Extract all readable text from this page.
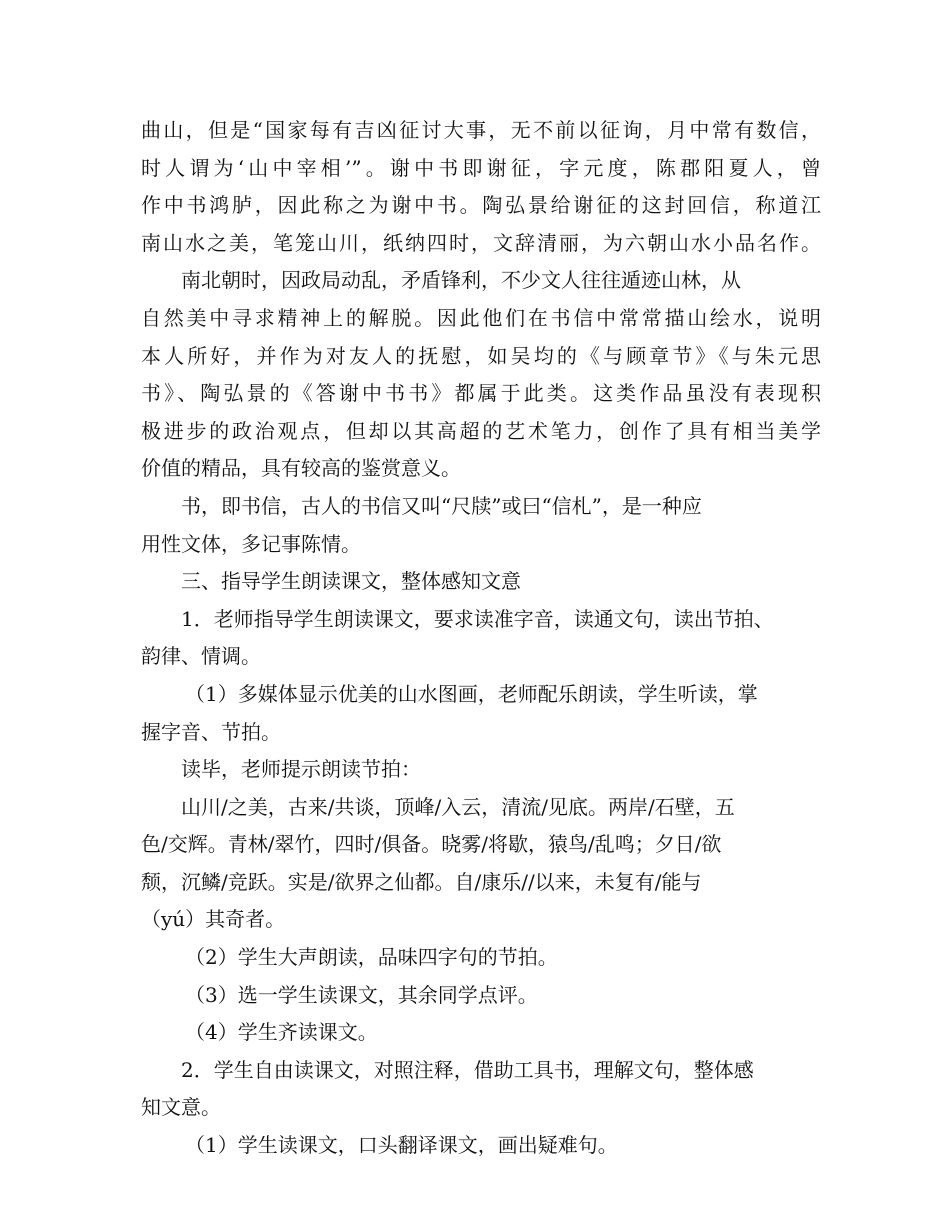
曲山，但是“国家每有吉凶征讨大事，无不前以征询，月中常有数信，
时人谓为‘山中宰相’”。谢中书即谢征，字元度，陈郡阳夏人，曾
作中书鸿胪，因此称之为谢中书。陶弘景给谢征的这封回信，称道江
南山水之美，笔笼山川，纸纳四时，文辞清丽，为六朝山水小品名作。
南北朝时，因政局动乱，矛盾锋利，不少文人往往遁迹山林，从
自然美中寻求精神上的解脱。因此他们在书信中常常描山绘水，说明
本人所好，并作为对友人的抚慰，如吴均的《与顾章节》《与朱元思
书》、陶弘景的《答谢中书书》都属于此类。这类作品虽没有表现积
极进步的政治观点，但却以其高超的艺术笔力，创作了具有相当美学
价值的精品，具有较高的鉴赏意义。
书，即书信，古人的书信又叫“尺牍”或曰“信札”，是一种应
用性文体，多记事陈情。
三、指导学生朗读课文，整体感知文意
1．老师指导学生朗读课文，要求读准字音，读通文句，读出节拍、
韵律、情调。
（1）多媒体显示优美的山水图画，老师配乐朗读，学生听读，掌
握字音、节拍。
读毕，老师提示朗读节拍：
山川/之美，古来/共谈，顶峰/入云，清流/见底。两岸/石壁，五
色/交辉。青林/翠竹，四时/俱备。晓雾/将歇，猿鸟/乱鸣；夕日/欲
颓，沉鳞/竞跃。实是/欲界之仙都。自/康乐//以来，未复有/能与
（yú）其奇者。
（2）学生大声朗读，品味四字句的节拍。
（3）选一学生读课文，其余同学点评。
（4）学生齐读课文。
2．学生自由读课文，对照注释，借助工具书，理解文句，整体感
知文意。
（1）学生读课文，口头翻译课文，画出疑难句。
